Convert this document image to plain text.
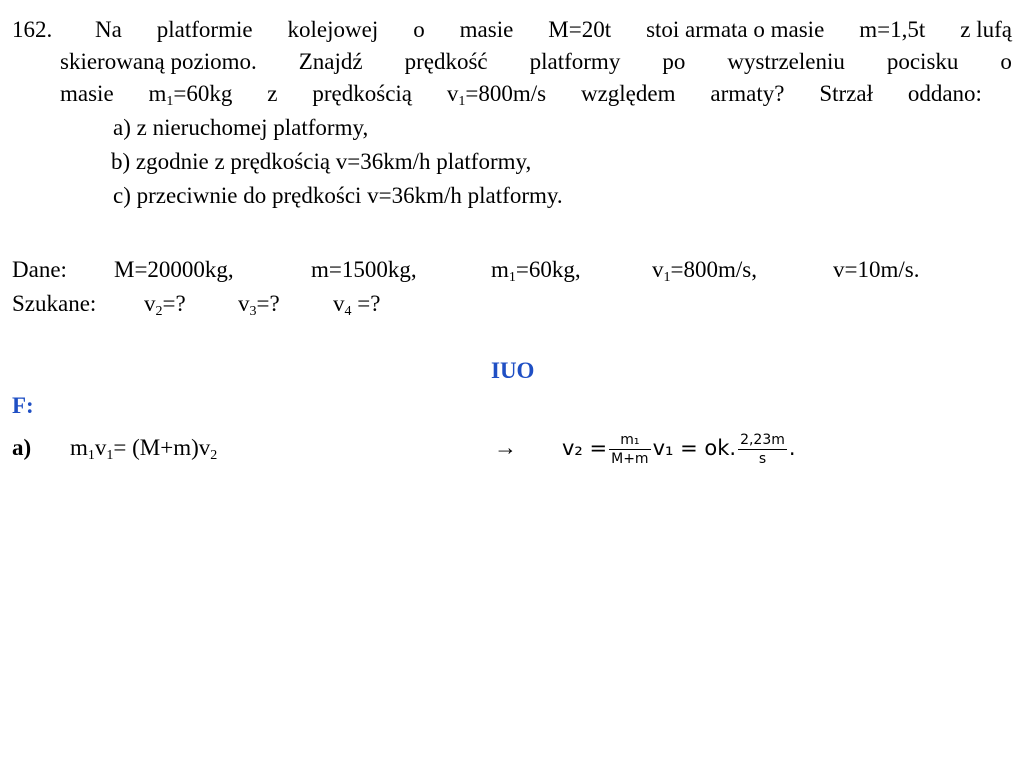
162. Na platformie kolejowej o masie M=20t stoi armata o masie m=1,5t z lufą
skierowaną poziomo. Znajdź prędkość platformy po wystrzeleniu pocisku o
masie $m_1=60kg$ z prędkością $v_1=800m/s$ względem armaty? Strzał oddano:
a) z nieruchomej platformy,
b) zgodnie z prędkością v=36km/h platformy,
c) przeciwnie do prędkości v=36km/h platformy.
Dane: M=20000kg,	m=1500kg,	$m_1=60kg$,	$v_1=800m/s$,	v=10m/s.
Szukane: $v_2=$? $v_3=$? $v_4$ =?
IUO
F:
a) $m_1v_1= (M+m)v_2$	→ $v_2 = \frac{\text{m₁}}{M+m} v_1$ = ok. $\frac{2,23m}{s}$ .
